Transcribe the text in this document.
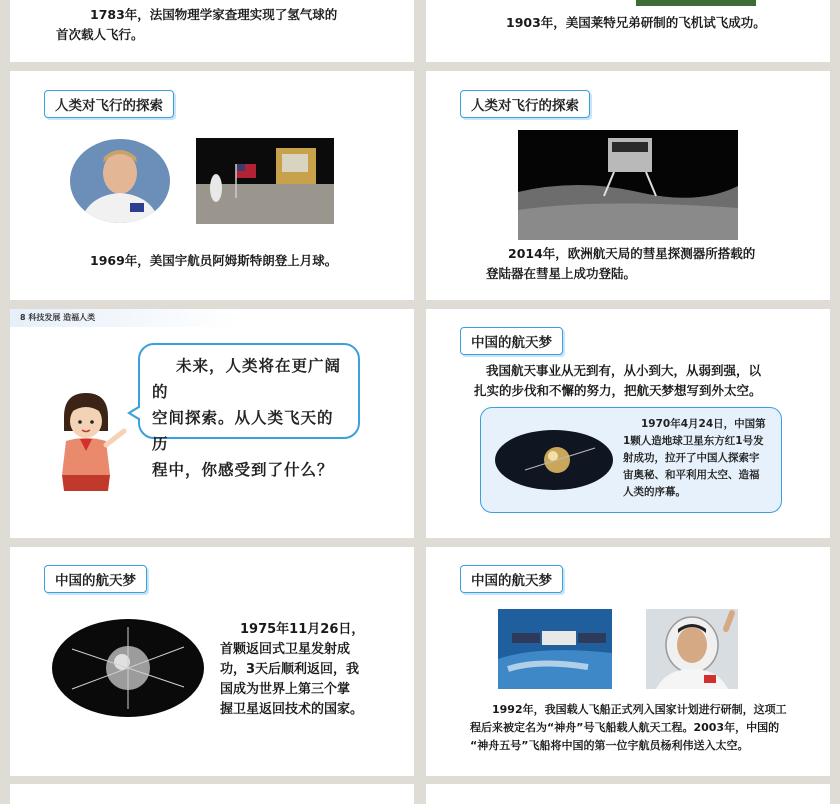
1783年，法国物理学家查理实现了氢气球的
首次载人飞行。
1903年，美国莱特兄弟研制的飞机试飞成功。
人类对飞行的探索
1969年，美国宇航员阿姆斯特朗登上月球。
人类对飞行的探索
2014年，欧洲航天局的彗星探测器所搭载的
登陆器在彗星上成功登陆。
8 科技发展 造福人类
未来，人类将在更广阔的
空间探索。从人类飞天的历
程中，你感受到了什么？
中国的航天梦
我国航天事业从无到有，从小到大，从弱到强，以
扎实的步伐和不懈的努力，把航天梦想写到外太空。
1970年4月24日，中国第
1颗人造地球卫星东方红1号发
射成功，拉开了中国人探索宇
宙奥秘、和平利用太空、造福
人类的序幕。
中国的航天梦
1975年11月26日，
首颗返回式卫星发射成
功，3天后顺利返回，我
国成为世界上第三个掌
握卫星返回技术的国家。
中国的航天梦
1992年，我国载人飞船正式列入国家计划进行研制，这项工
程后来被定名为“神舟”号飞船载人航天工程。2003年，中国的
“神舟五号”飞船将中国的第一位宇航员杨利伟送入太空。
